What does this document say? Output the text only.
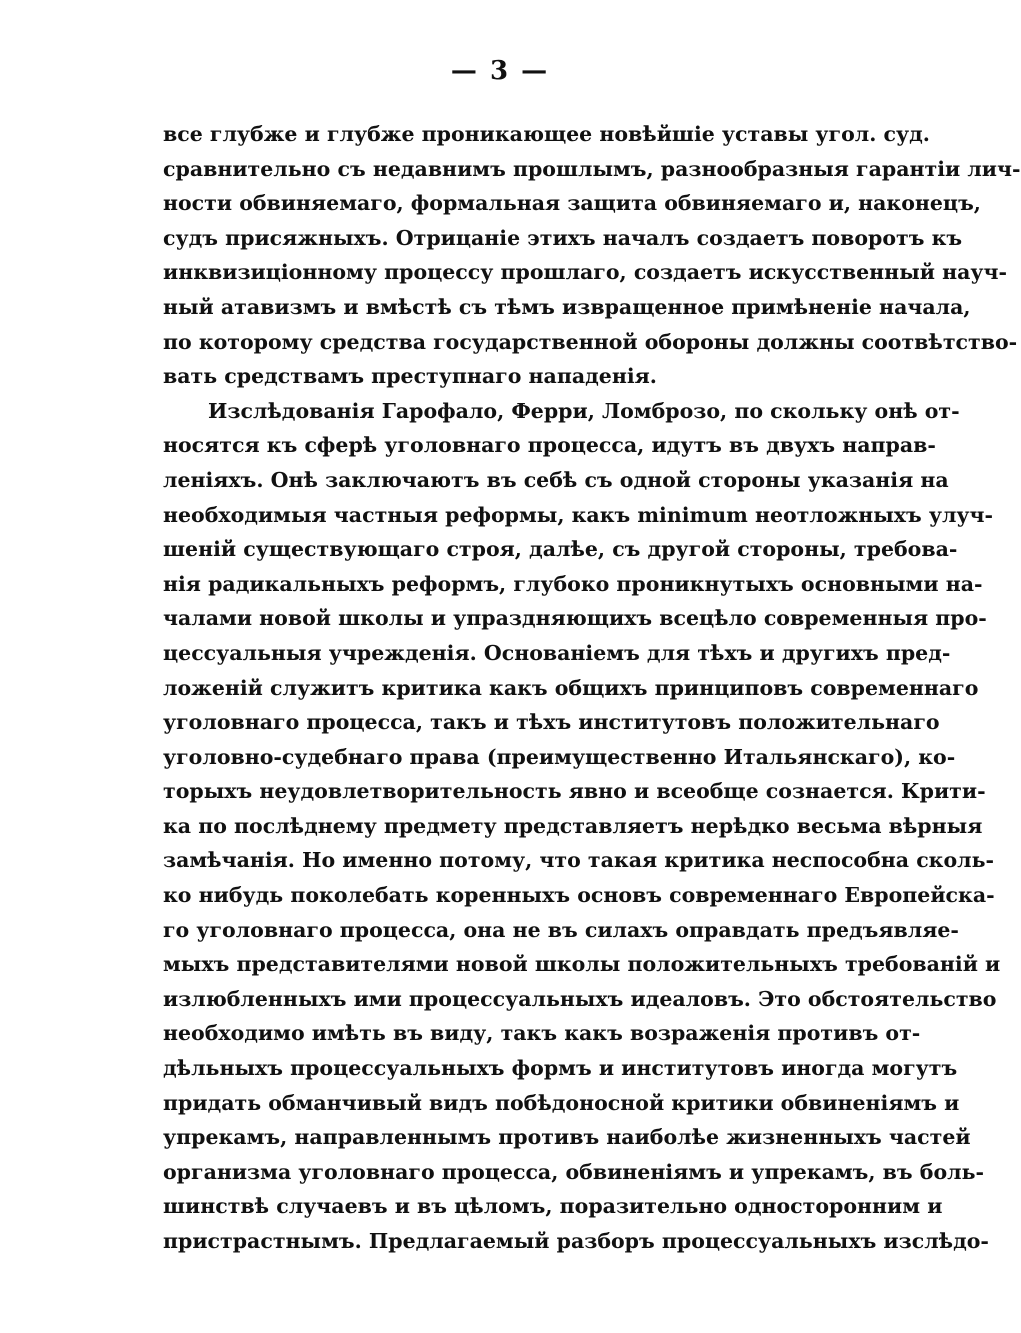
— 3 —
все глубже и глубже проникающее новѣйшіе уставы угол. суд.
сравнительно съ недавнимъ прошлымъ, разнообразныя гарантіи лич-
ности обвиняемаго, формальная защита обвиняемаго и, наконецъ,
судъ присяжныхъ. Отрицаніе этихъ началъ создаетъ поворотъ къ
инквизиціонному процессу прошлаго, создаетъ искусственный науч-
ный атавизмъ и вмѣстѣ съ тѣмъ извращенное примѣненіе начала,
по которому средства государственной обороны должны соотвѣтство-
вать средствамъ преступнаго нападенія.
Изслѣдованія Гарофало, Ферри, Ломброзо, по скольку онѣ от-
носятся къ сферѣ уголовнаго процесса, идутъ въ двухъ направ-
леніяхъ. Онѣ заключаютъ въ себѣ съ одной стороны указанія на
необходимыя частныя реформы, какъ minimum неотложныхъ улуч-
шеній существующаго строя, далѣе, съ другой стороны, требова-
нія радикальныхъ реформъ, глубоко проникнутыхъ основными на-
чалами новой школы и упраздняющихъ всецѣло современныя про-
цессуальныя учрежденія. Основаніемъ для тѣхъ и другихъ пред-
ложеній служитъ критика какъ общихъ принциповъ современнаго
уголовнаго процесса, такъ и тѣхъ институтовъ положительнаго
уголовно-судебнаго права (преимущественно Итальянскаго), ко-
торыхъ неудовлетворительность явно и всеобще сознается. Крити-
ка по послѣднему предмету представляетъ нерѣдко весьма вѣрныя
замѣчанія. Но именно потому, что такая критика неспособна сколь-
ко нибудь поколебать коренныхъ основъ современнаго Европейска-
го уголовнаго процесса, она не въ силахъ оправдать предъявляе-
мыхъ представителями новой школы положительныхъ требованій и
излюбленныхъ ими процессуальныхъ идеаловъ. Это обстоятельство
необходимо имѣть въ виду, такъ какъ возраженія противъ от-
дѣльныхъ процессуальныхъ формъ и институтовъ иногда могутъ
придать обманчивый видъ побѣдоносной критики обвиненіямъ и
упрекамъ, направленнымъ противъ наиболѣе жизненныхъ частей
организма уголовнаго процесса, обвиненіямъ и упрекамъ, въ боль-
шинствѣ случаевъ и въ цѣломъ, поразительно односторонним и
пристрастнымъ. Предлагаемый разборъ процессуальныхъ изслѣдо-
